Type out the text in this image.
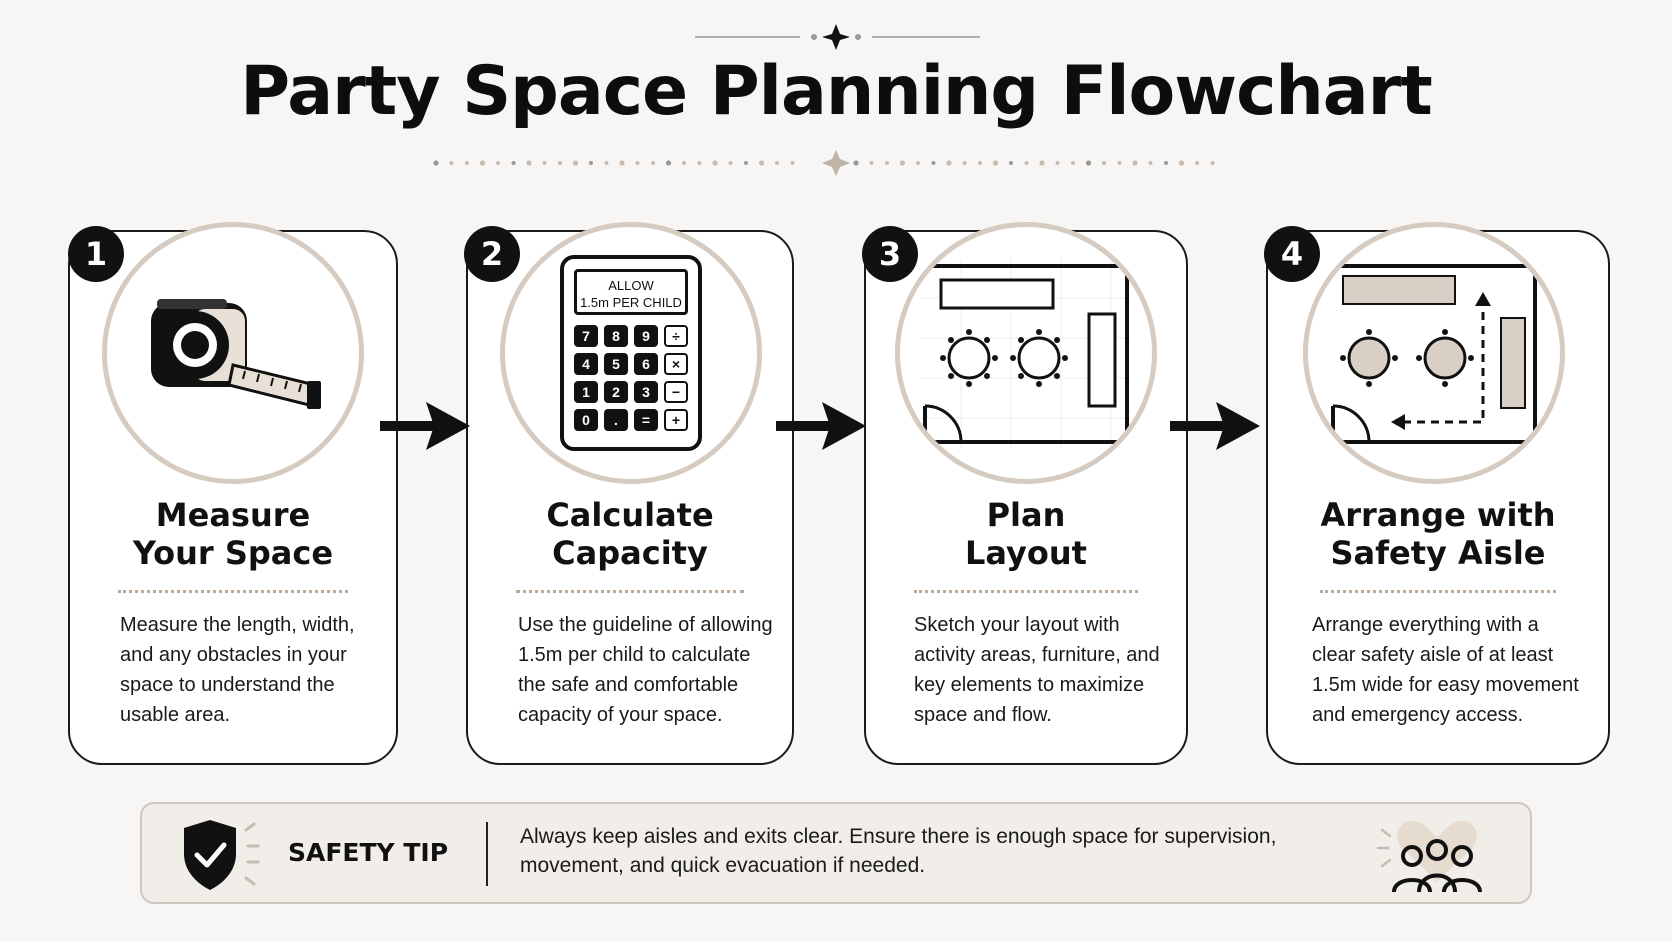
Party Space Planning Flowchart
1
Measure
Your Space
Measure the length, width, and any obstacles in your space to understand the usable area.
2
ALLOW
1.5m PER CHILD
7	8	9	÷
4	5	6	×
1	2	3	−
0	.	=	+
Calculate
Capacity
Use the guideline of allowing 1.5m per child to calculate the safe and comfortable capacity of your space.
3
Plan
Layout
Sketch your layout with activity areas, furniture, and key elements to maximize space and flow.
4
Arrange with
Safety Aisle
Arrange everything with a clear safety aisle of at least 1.5m wide for easy movement and emergency access.
SAFETY TIP
Always keep aisles and exits clear. Ensure there is enough space for supervision, movement, and quick evacuation if needed.
